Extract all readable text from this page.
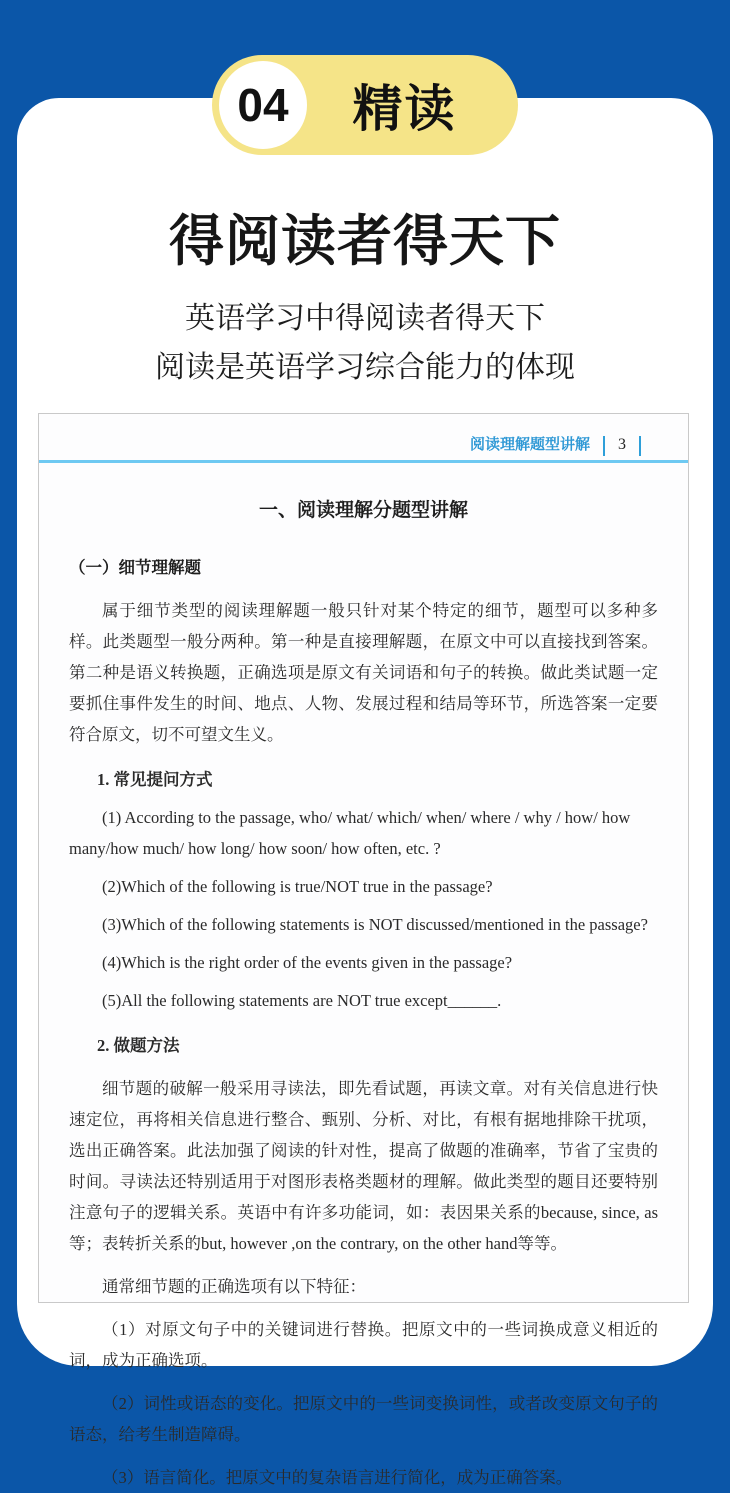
04	精读
得阅读者得天下
英语学习中得阅读者得天下
阅读是英语学习综合能力的体现
阅读理解题型讲解 3
一、阅读理解分题型讲解
（一）细节理解题

属于细节类型的阅读理解题一般只针对某个特定的细节，题型可以多种多样。此类题型一般分两种。第一种是直接理解题，在原文中可以直接找到答案。第二种是语义转换题，正确选项是原文有关词语和句子的转换。做此类试题一定要抓住事件发生的时间、地点、人物、发展过程和结局等环节，所选答案一定要符合原文，切不可望文生义。

1. 常见提问方式

(1) According to the passage, who/ what/ which/ when/ where / why / how/ how many/how much/ how long/ how soon/ how often, etc. ?

(2)Which of the following is true/NOT true in the passage?

(3)Which of the following statements is NOT discussed/mentioned in the passage?

(4)Which is the right order of the events given in the passage?

(5)All the following statements are NOT true except______.

2. 做题方法

细节题的破解一般采用寻读法，即先看试题，再读文章。对有关信息进行快速定位，再将相关信息进行整合、甄别、分析、对比，有根有据地排除干扰项，选出正确答案。此法加强了阅读的针对性，提高了做题的准确率，节省了宝贵的时间。寻读法还特别适用于对图形表格类题材的理解。做此类型的题目还要特别注意句子的逻辑关系。英语中有许多功能词，如：表因果关系的because, since, as等；表转折关系的but, however ,on the contrary, on the other hand等等。

通常细节题的正确选项有以下特征：

（1）对原文句子中的关键词进行替换。把原文中的一些词换成意义相近的词，成为正确选项。

（2）词性或语态的变化。把原文中的一些词变换词性，或者改变原文句子的语态，给考生制造障碍。

（3）语言简化。把原文中的复杂语言进行简化，成为正确答案。
